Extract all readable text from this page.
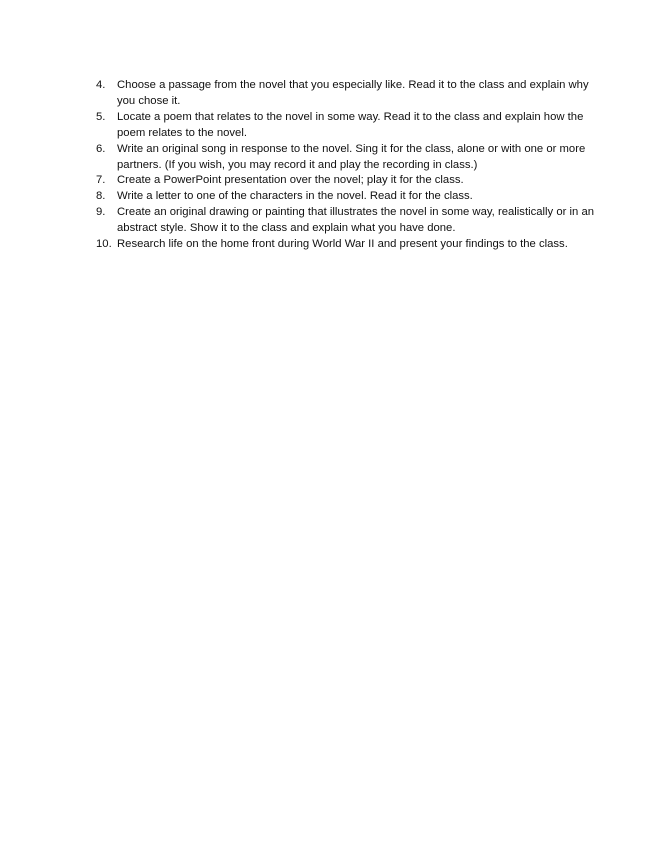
4.	Choose a passage from the novel that you especially like. Read it to the class and explain why you chose it.
5.	Locate a poem that relates to the novel in some way. Read it to the class and explain how the poem relates to the novel.
6.	Write an original song in response to the novel. Sing it for the class, alone or with one or more partners. (If you wish, you may record it and play the recording in class.)
7.	Create a PowerPoint presentation over the novel; play it for the class.
8.	Write a letter to one of the characters in the novel. Read it for the class.
9.	Create an original drawing or painting that illustrates the novel in some way, realistically or in an abstract style. Show it to the class and explain what you have done.
10. Research life on the home front during World War II and present your findings to the class.
